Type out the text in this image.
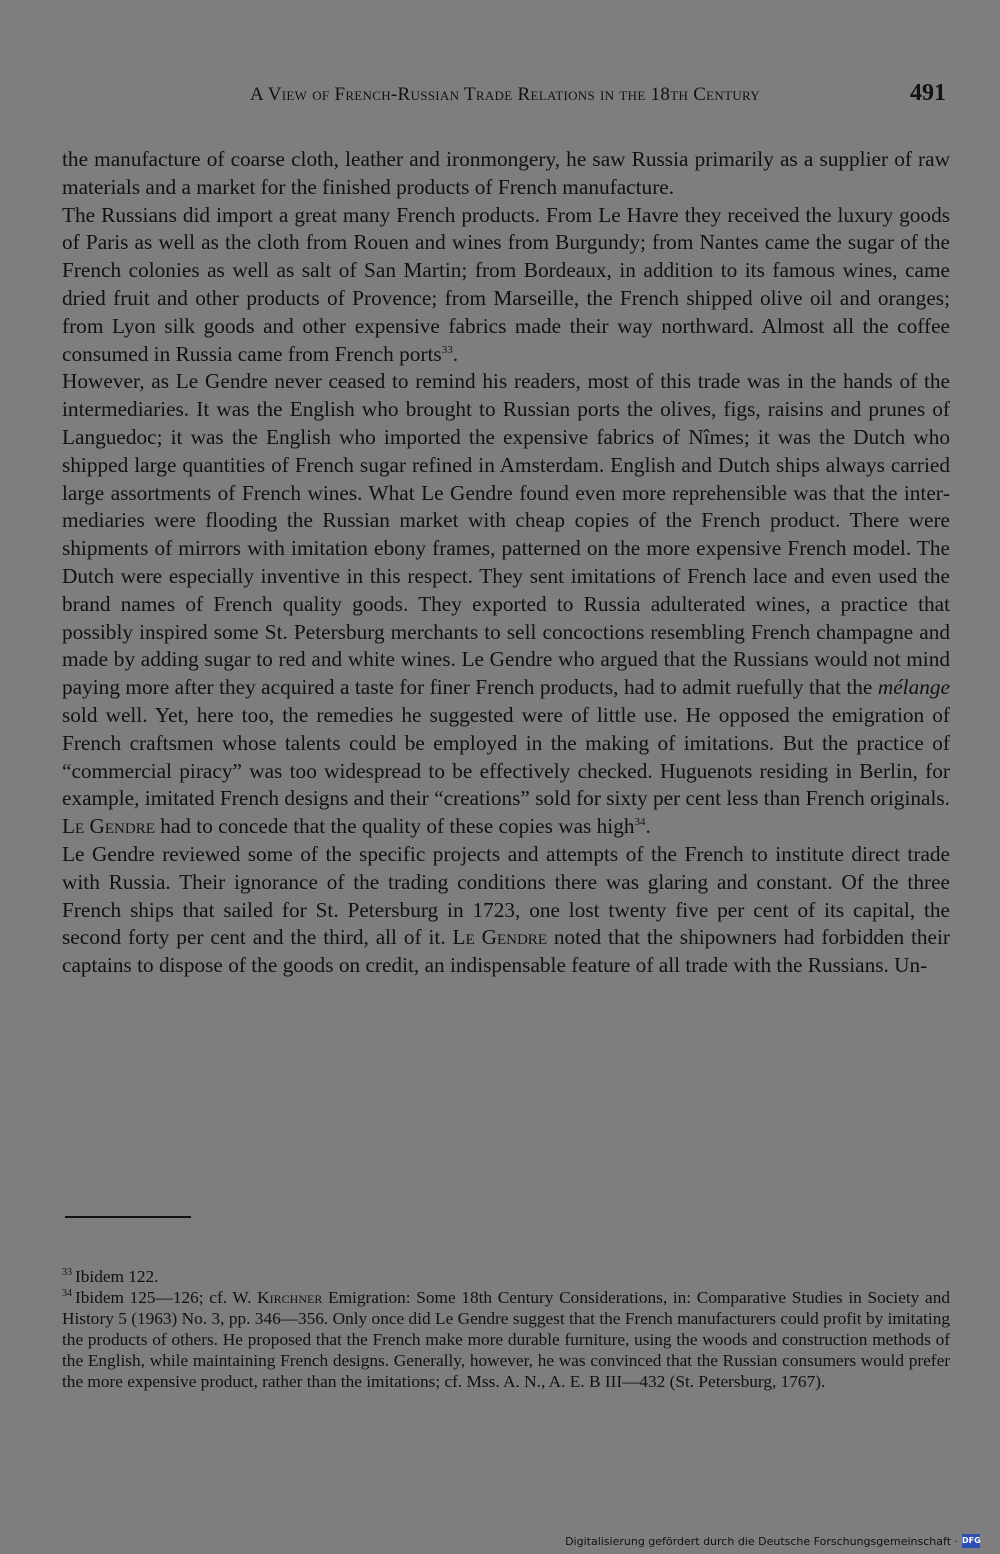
A View of French-Russian Trade Relations in the 18th Century	491

the manufacture of coarse cloth, leather and ironmongery, he saw Russia primarily as a supplier of raw materials and a market for the finished products of French manufacture.

The Russians did import a great many French products. From Le Havre they received the luxury goods of Paris as well as the cloth from Rouen and wines from Burgundy; from Nantes came the sugar of the French colonies as well as salt of San Martin; from Bordeaux, in addition to its famous wines, came dried fruit and other products of Provence; from Marseille, the French shipped olive oil and oranges; from Lyon silk goods and other expensive fabrics made their way northward. Almost all the coffee consumed in Russia came from French ports$^{33}$.

However, as Le Gendre never ceased to remind his readers, most of this trade was in the hands of the intermediaries. It was the English who brought to Russian ports the olives, figs, raisins and prunes of Languedoc; it was the English who imported the expensive fabrics of Nîmes; it was the Dutch who shipped large quantities of French sugar refined in Amsterdam. English and Dutch ships always carried large assortments of French wines. What Le Gendre found even more reprehensible was that the intermediaries were flooding the Russian market with cheap copies of the French product. There were shipments of mirrors with imitation ebony frames, patterned on the more expensive French model. The Dutch were especially inventive in this respect. They sent imitations of French lace and even used the brand names of French quality goods. They exported to Russia adulterated wines, a practice that possibly inspired some St. Petersburg merchants to sell concoctions resembling French champagne and made by adding sugar to red and white wines. Le Gendre who argued that the Russians would not mind paying more after they acquired a taste for finer French products, had to admit ruefully that the mélange sold well. Yet, here too, the remedies he suggested were of little use. He opposed the emigration of French craftsmen whose talents could be employed in the making of imitations. But the practice of “commercial piracy” was too widespread to be effectively checked. Huguenots residing in Berlin, for example, imitated French designs and their “creations” sold for sixty per cent less than French originals. Le Gendre had to concede that the quality of these copies was high$^{34}$.

Le Gendre reviewed some of the specific projects and attempts of the French to institute direct trade with Russia. Their ignorance of the trading conditions there was glaring and constant. Of the three French ships that sailed for St. Petersburg in 1723, one lost twenty five per cent of its capital, the second forty per cent and the third, all of it. Le Gendre noted that the shipowners had forbidden their captains to dispose of the goods on credit, an indispensable feature of all trade with the Russians. Un-

$^{33}$ Ibidem 122.

$^{34}$ Ibidem 125—126; cf. W. Kirchner Emigration: Some 18th Century Considerations, in: Comparative Studies in Society and History 5 (1963) No. 3, pp. 346—356. Only once did Le Gendre suggest that the French manufacturers could profit by imitating the products of others. He proposed that the French make more durable furniture, using the woods and construction methods of the English, while maintaining French designs. Generally, however, he was convinced that the Russian consumers would prefer the more expensive product, rather than the imitations; cf. Mss. A. N., A. E. B III—432 (St. Petersburg, 1767).

Digitalisierung gefördert durch die Deutsche Forschungsgemeinschaft · DFG
